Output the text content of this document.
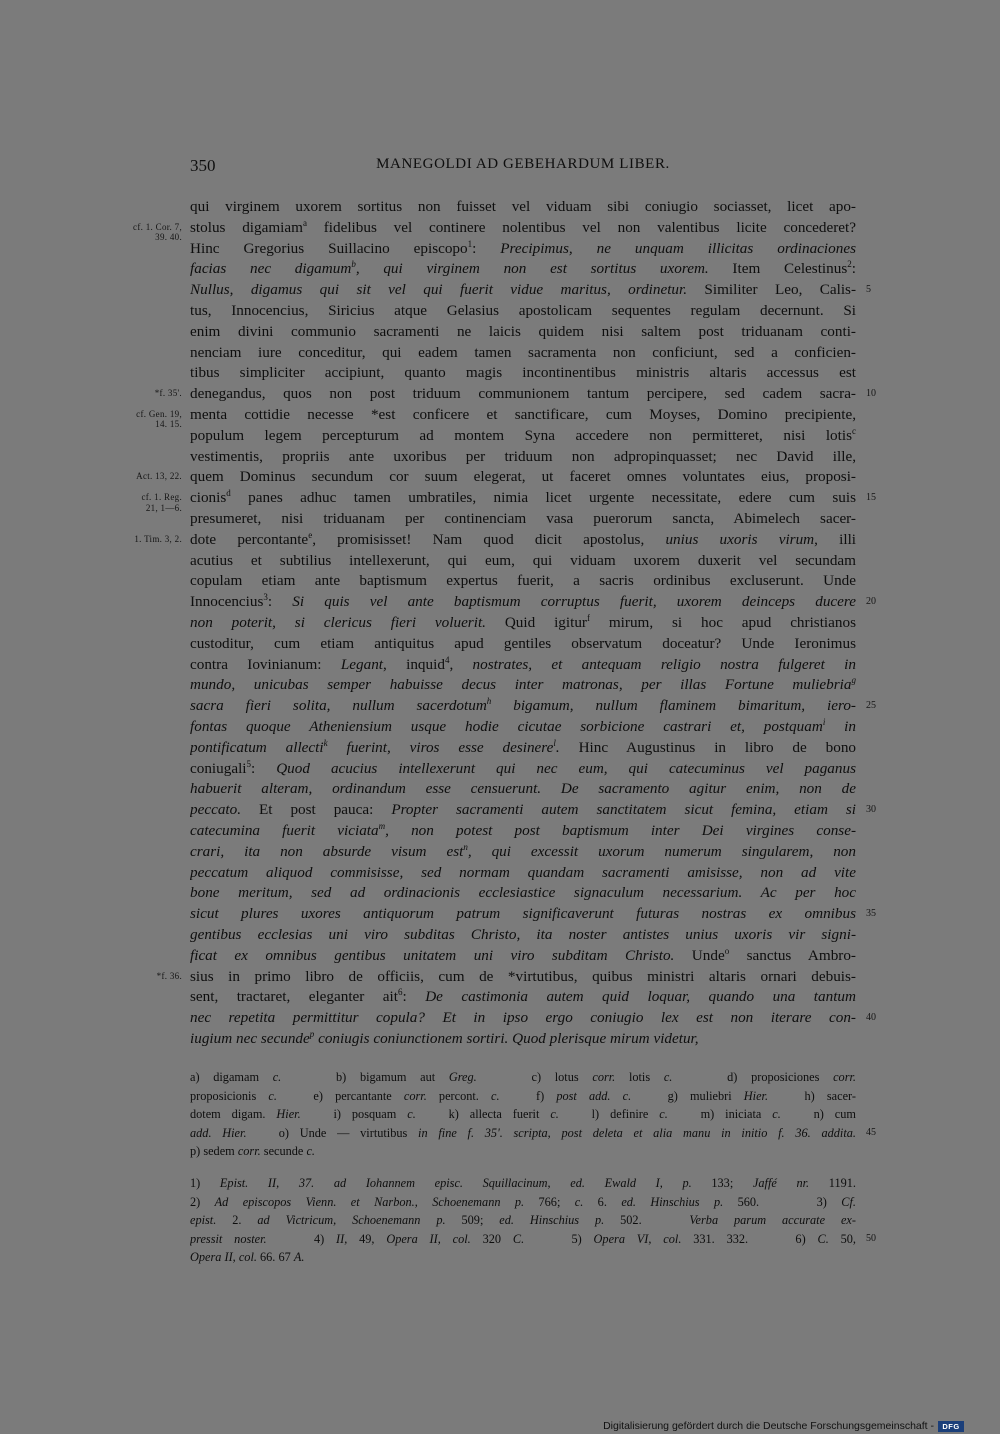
350	MANEGOLDI AD GEBEHARDUM LIBER.
qui virginem uxorem sortitus non fuisset vel viduam sibi coniugio sociasset, licet apo-
stolus digamiam$^a$ fidelibus vel continere nolentibus vel non valentibus licite concederet?
Hinc Gregorius Suillacino episcopo$^1$: Precipimus, ne unquam illicitas ordinaciones
facias nec digamum$^b$, qui virginem non est sortitus uxorem. Item Celestinus$^2$:
Nullus, digamus qui sit vel qui fuerit vidue maritus, ordinetur. Similiter Leo, Calis-
tus, Innocencius, Siricius atque Gelasius apostolicam sequentes regulam decernunt. Si
enim divini communio sacramenti ne laicis quidem nisi saltem post triduanam conti-
nenciam iure conceditur, qui eadem tamen sacramenta non conficiunt, sed a conficien-
tibus simpliciter accipiunt, quanto magis incontinentibus ministris altaris accessus est
denegandus, quos non post triduum communionem tantum percipere, sed cadem sacra-
menta cottidie necesse *est conficere et sanctificare, cum Moyses, Domino precipiente,
populum legem percepturum ad montem Syna accedere non permitteret, nisi lotis$^c$
vestimentis, propriis ante uxoribus per triduum non adpropinquasset; nec David ille,
quem Dominus secundum cor suum elegerat, ut faceret omnes voluntates eius, proposi-
cionis$^d$ panes adhuc tamen umbratiles, nimia licet urgente necessitate, edere cum suis
presumeret, nisi triduanam per continenciam vasa puerorum sancta, Abimelech sacer-
dote percontante$^e$, promisisset! Nam quod dicit apostolus, unius uxoris virum, illi
acutius et subtilius intellexerunt, qui eum, qui viduam uxorem duxerit vel secundam
copulam etiam ante baptismum expertus fuerit, a sacris ordinibus excluserunt. Unde
Innocencius$^3$: Si quis vel ante baptismum corruptus fuerit, uxorem deinceps ducere
non poterit, si clericus fieri voluerit. Quid igitur$^f$ mirum, si hoc apud christianos
custoditur, cum etiam antiquitus apud gentiles observatum doceatur? Unde Ieronimus
contra Iovinianum: Legant, inquid$^4$, nostrates, et antequam religio nostra fulgeret in
mundo, unicubas semper habuisse decus inter matronas, per illas Fortune muliebria$^g$
sacra fieri solita, nullum sacerdotum$^h$ bigamum, nullum flaminem bimaritum, iero-
fontas quoque Atheniensium usque hodie cicutae sorbicione castrari et, postquam$^i$ in
pontificatum allecti$^k$ fuerint, viros esse desinere$^l$. Hinc Augustinus in libro de bono
coniugali$^5$: Quod acucius intellexerunt qui nec eum, qui catecuminus vel paganus
habuerit alteram, ordinandum esse censuerunt. De sacramento agitur enim, non de
peccato. Et post pauca: Propter sacramenti autem sanctitatem sicut femina, etiam si
catecumina fuerit viciata$^m$, non potest post baptismum inter Dei virgines conse-
crari, ita non absurde visum est$^n$, qui excessit uxorum numerum singularem, non
peccatum aliquod commisisse, sed normam quandam sacramenti amisisse, non ad vite
bone meritum, sed ad ordinacionis ecclesiastice signaculum necessarium. Ac per hoc
sicut plures uxores antiquorum patrum significaverunt futuras nostras ex omnibus
gentibus ecclesias uni viro subditas Christo, ita noster antistes unius uxoris vir signi-
ficat ex omnibus gentibus unitatem uni viro subditam Christo. Unde$^o$ sanctus Ambro-
sius in primo libro de officiis, cum de *virtutibus, quibus ministri altaris ornari debuis-
sent, tractaret, eleganter ait$^6$: De castimonia autem quid loquar, quando una tantum
nec repetita permittitur copula? Et in ipso ergo coniugio lex est non iterare con-
iugium nec secunde$^p$ coniugis coniunctionem sortiri. Quod plerisque mirum videtur,
cf. 1. Cor. 7,
39. 40.
*f. 35'.
cf. Gen. 19,
14. 15.
Act. 13, 22.
cf. 1. Reg.
21, 1—6.
1. Tim. 3, 2.
*f. 36.
5
10
15
20
25
30
35
40
a) digamam c.    b) bigamum aut Greg.    c) lotus corr. lotis c.    d) proposiciones corr.
proposicionis c.   e) percantante corr. percont. c.   f) post add. c.   g) muliebri Hier.   h) sacer-
dotem digam. Hier.   i) posquam c.   k) allecta fuerit c.   l) definire c.   m) iniciata c.   n) cum
add. Hier.   o) Unde — virtutibus in fine f. 35'. scripta, post deleta et alia manu in initio f. 36. addita.
p) sedem corr. secunde c.
45
1) Epist. II, 37. ad Iohannem episc. Squillacinum, ed. Ewald I, p. 133; Jaffé nr. 1191.
2) Ad episcopos Vienn. et Narbon., Schoenemann p. 766; c. 6. ed. Hinschius p. 560.    3) Cf.
epist. 2. ad Victricum, Schoenemann p. 509; ed. Hinschius p. 502.   Verba parum accurate ex-
pressit noster.    4) II, 49, Opera II, col. 320 C.    5) Opera VI, col. 331. 332.    6) C. 50,
Opera II, col. 66. 67 A.
50
Digitalisierung gefördert durch die Deutsche Forschungsgemeinschaft -	DFG
